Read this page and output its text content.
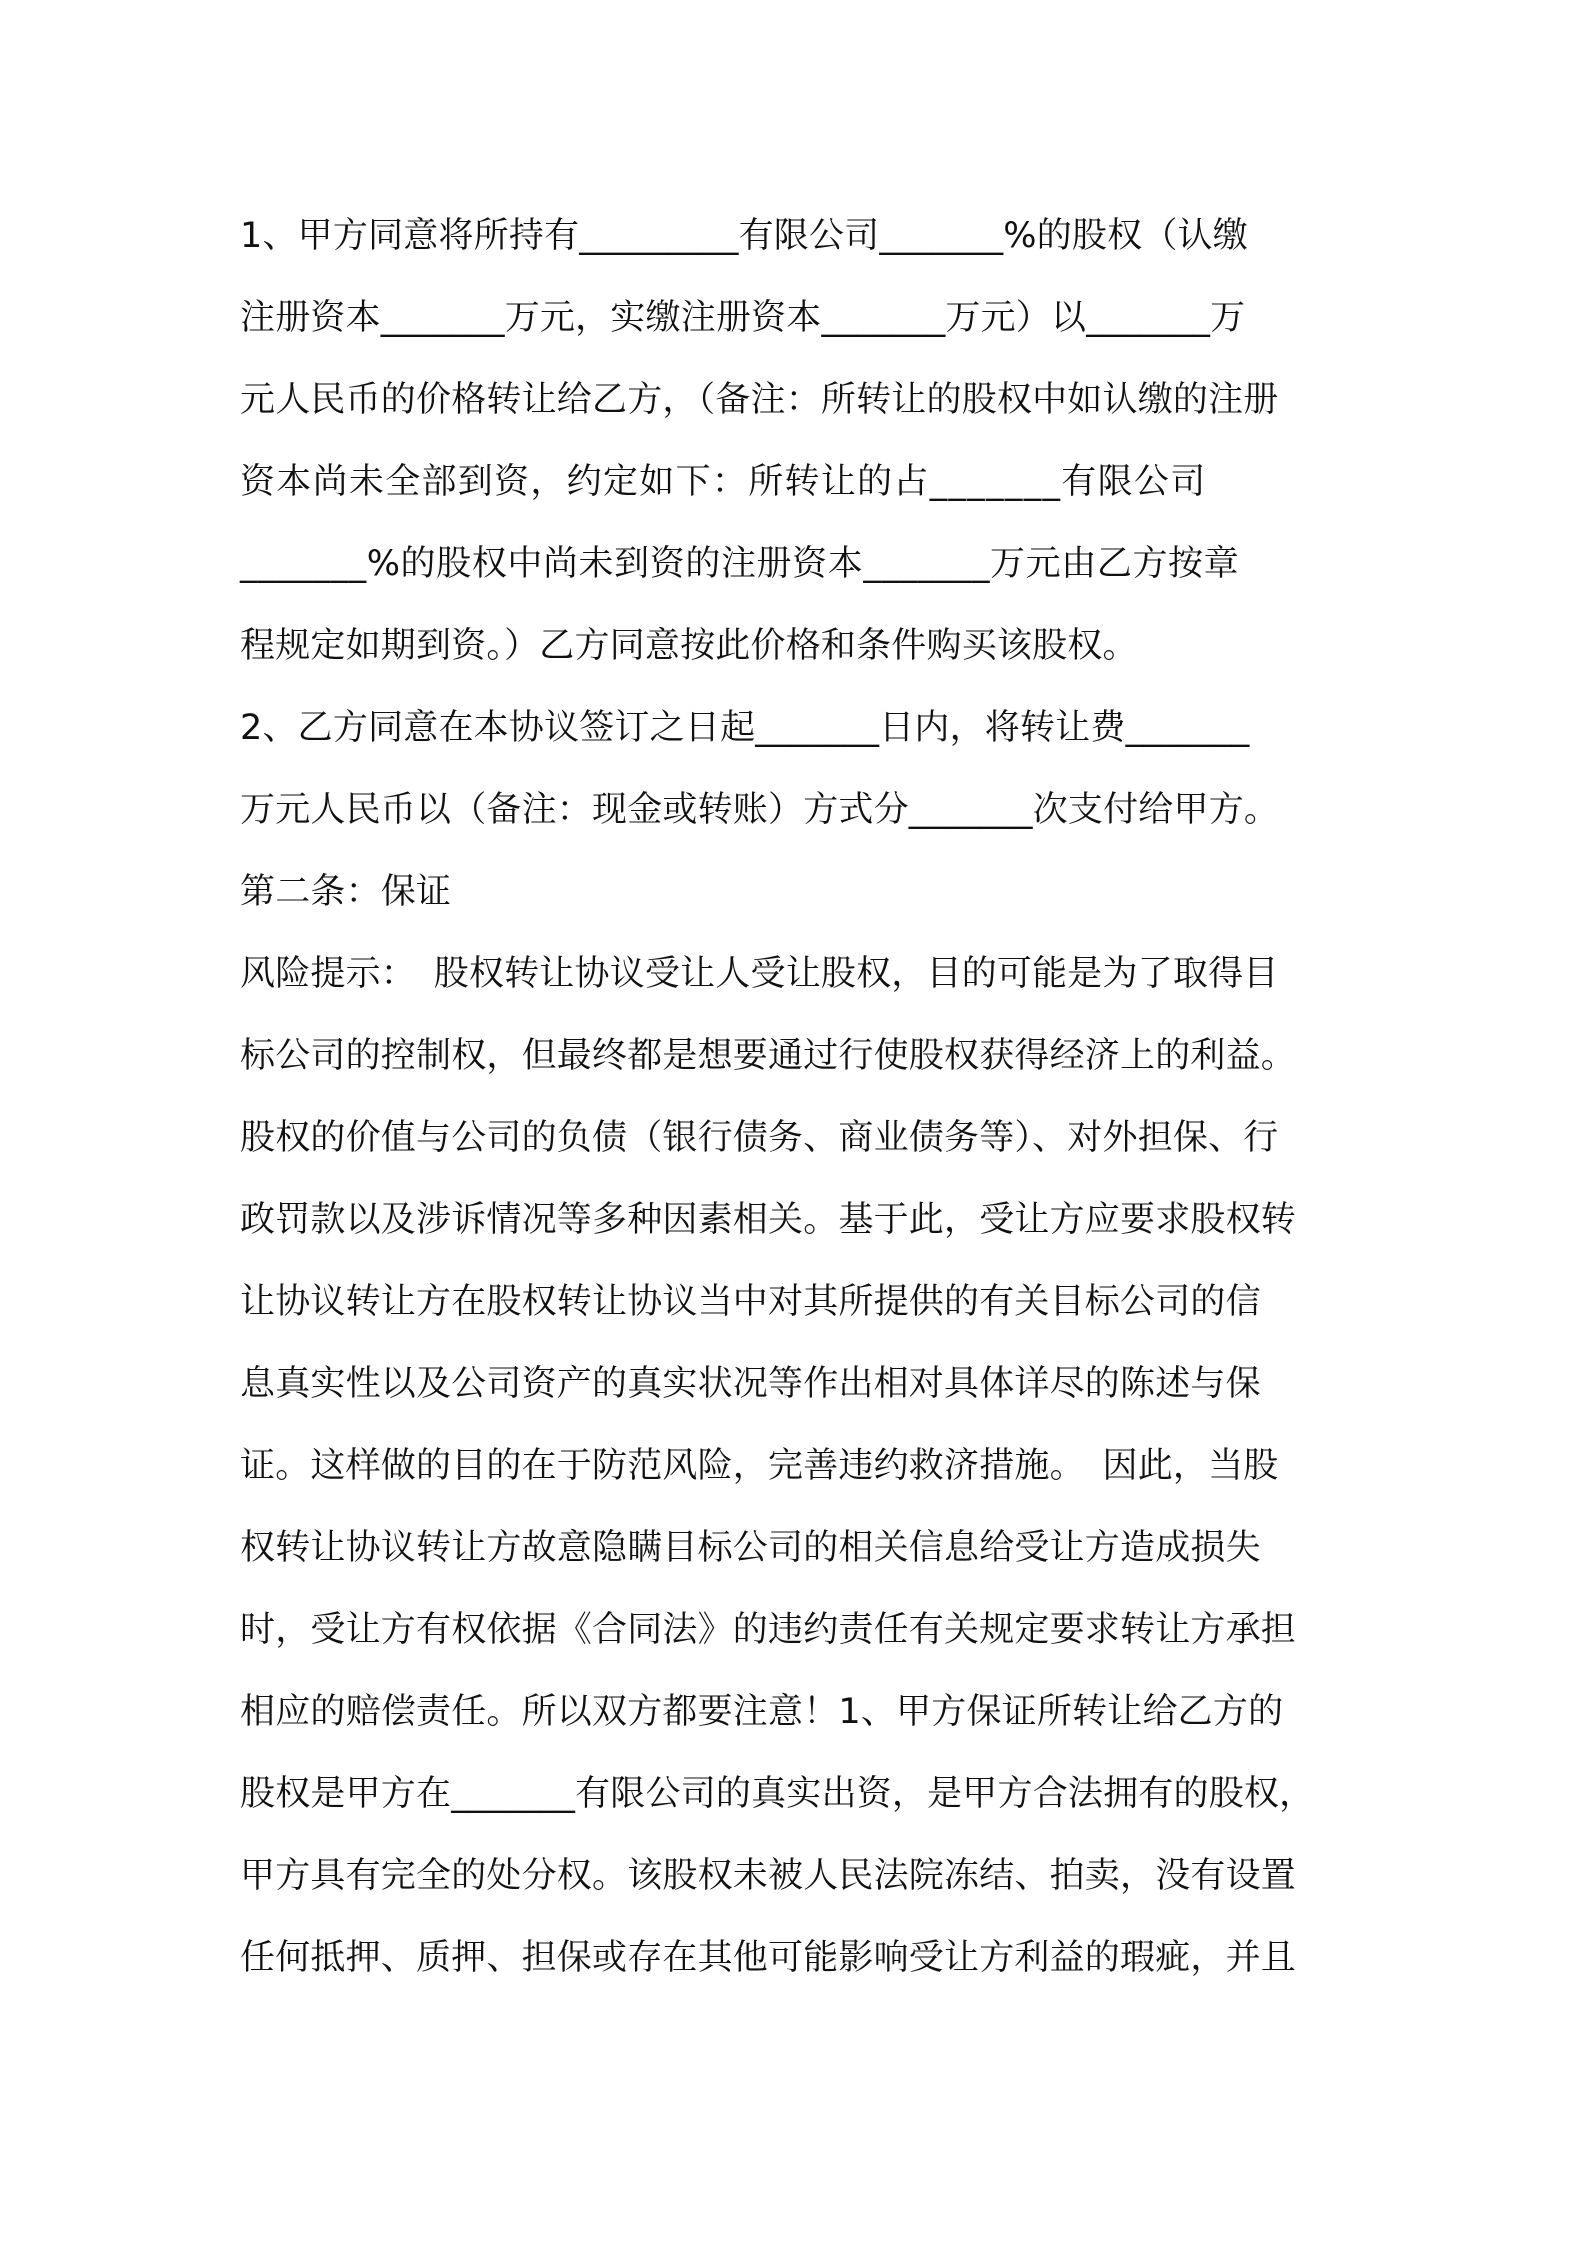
1、甲方同意将所持有_________有限公司_______%的股权（认缴
注册资本_______万元，实缴注册资本_______万元）以_______万
元人民币的价格转让给乙方，（备注：所转让的股权中如认缴的注册
资本尚未全部到资，约定如下：所转让的占_______有限公司
_______%的股权中尚未到资的注册资本_______万元由乙方按章
程规定如期到资。）乙方同意按此价格和条件购买该股权。
2、乙方同意在本协议签订之日起_______日内，将转让费_______
万元人民币以（备注：现金或转账）方式分_______次支付给甲方。
第二条：保证
风险提示：　股权转让协议受让人受让股权，目的可能是为了取得目
标公司的控制权，但最终都是想要通过行使股权获得经济上的利益。
股权的价值与公司的负债（银行债务、商业债务等）、对外担保、行
政罚款以及涉诉情况等多种因素相关。基于此，受让方应要求股权转
让协议转让方在股权转让协议当中对其所提供的有关目标公司的信
息真实性以及公司资产的真实状况等作出相对具体详尽的陈述与保
证。这样做的目的在于防范风险，完善违约救济措施。　因此，当股
权转让协议转让方故意隐瞒目标公司的相关信息给受让方造成损失
时，受让方有权依据《合同法》的违约责任有关规定要求转让方承担
相应的赔偿责任。所以双方都要注意！1、甲方保证所转让给乙方的
股权是甲方在_______有限公司的真实出资，是甲方合法拥有的股权，
甲方具有完全的处分权。该股权未被人民法院冻结、拍卖，没有设置
任何抵押、质押、担保或存在其他可能影响受让方利益的瑕疵，并且
